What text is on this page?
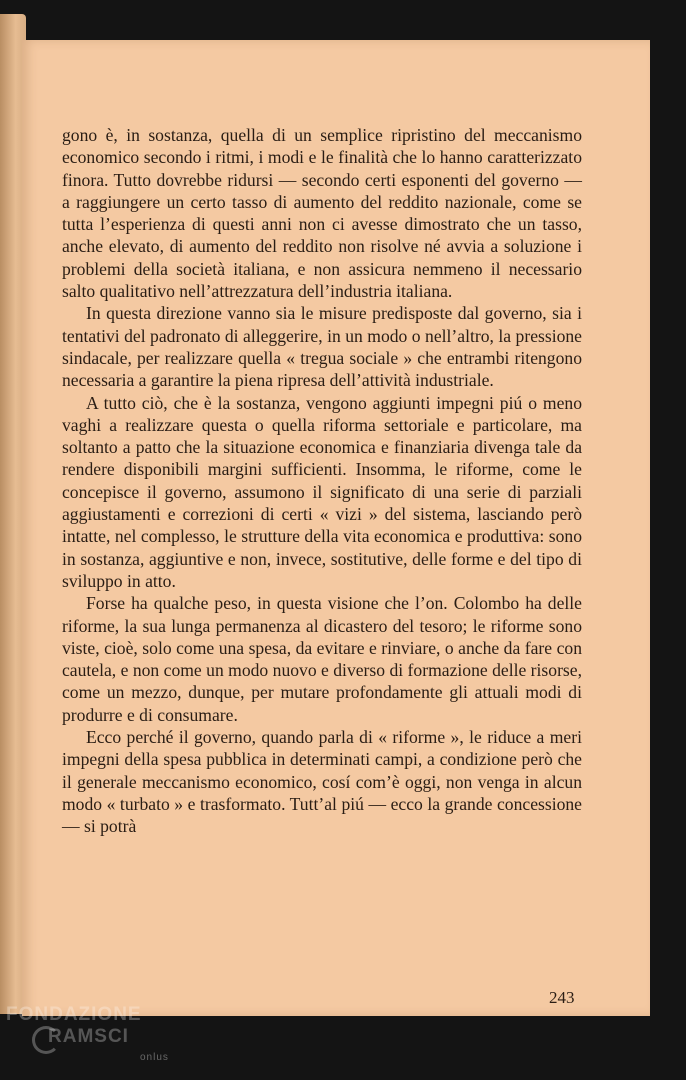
gono è, in sostanza, quella di un semplice ripristino del meccanismo economico secondo i ritmi, i modi e le finalità che lo hanno caratterizzato finora. Tutto dovrebbe ridursi — secondo certi esponenti del governo — a raggiungere un certo tasso di aumento del reddito nazionale, come se tutta l’esperienza di questi anni non ci avesse dimostrato che un tasso, anche elevato, di aumento del reddito non risolve né avvia a soluzione i problemi della società italiana, e non assicura nemmeno il necessario salto qualitativo nell’attrezzatura dell’industria italiana.

In questa direzione vanno sia le misure predisposte dal governo, sia i tentativi del padronato di alleggerire, in un modo o nell’altro, la pressione sindacale, per realizzare quella « tregua sociale » che entrambi ritengono necessaria a garantire la piena ripresa dell’attività industriale.

A tutto ciò, che è la sostanza, vengono aggiunti impegni piú o meno vaghi a realizzare questa o quella riforma settoriale e particolare, ma soltanto a patto che la situazione economica e finanziaria divenga tale da rendere disponibili margini sufficienti. Insomma, le riforme, come le concepisce il governo, assumono il significato di una serie di parziali aggiustamenti e correzioni di certi « vizi » del sistema, lasciando però intatte, nel complesso, le strutture della vita economica e produttiva: sono in sostanza, aggiuntive e non, invece, sostitutive, delle forme e del tipo di sviluppo in atto.

Forse ha qualche peso, in questa visione che l’on. Colombo ha delle riforme, la sua lunga permanenza al dicastero del tesoro; le riforme sono viste, cioè, solo come una spesa, da evitare e rinviare, o anche da fare con cautela, e non come un modo nuovo e diverso di formazione delle risorse, come un mezzo, dunque, per mutare profondamente gli attuali modi di produrre e di consumare.

Ecco perché il governo, quando parla di « riforme », le riduce a meri impegni della spesa pubblica in determinati campi, a condizione però che il generale meccanismo economico, cosí com’è oggi, non venga in alcun modo « turbato » e trasformato. Tutt’al piú — ecco la grande concessione — si potrà

243
FONDAZIONE
RAMSCI
onlus
